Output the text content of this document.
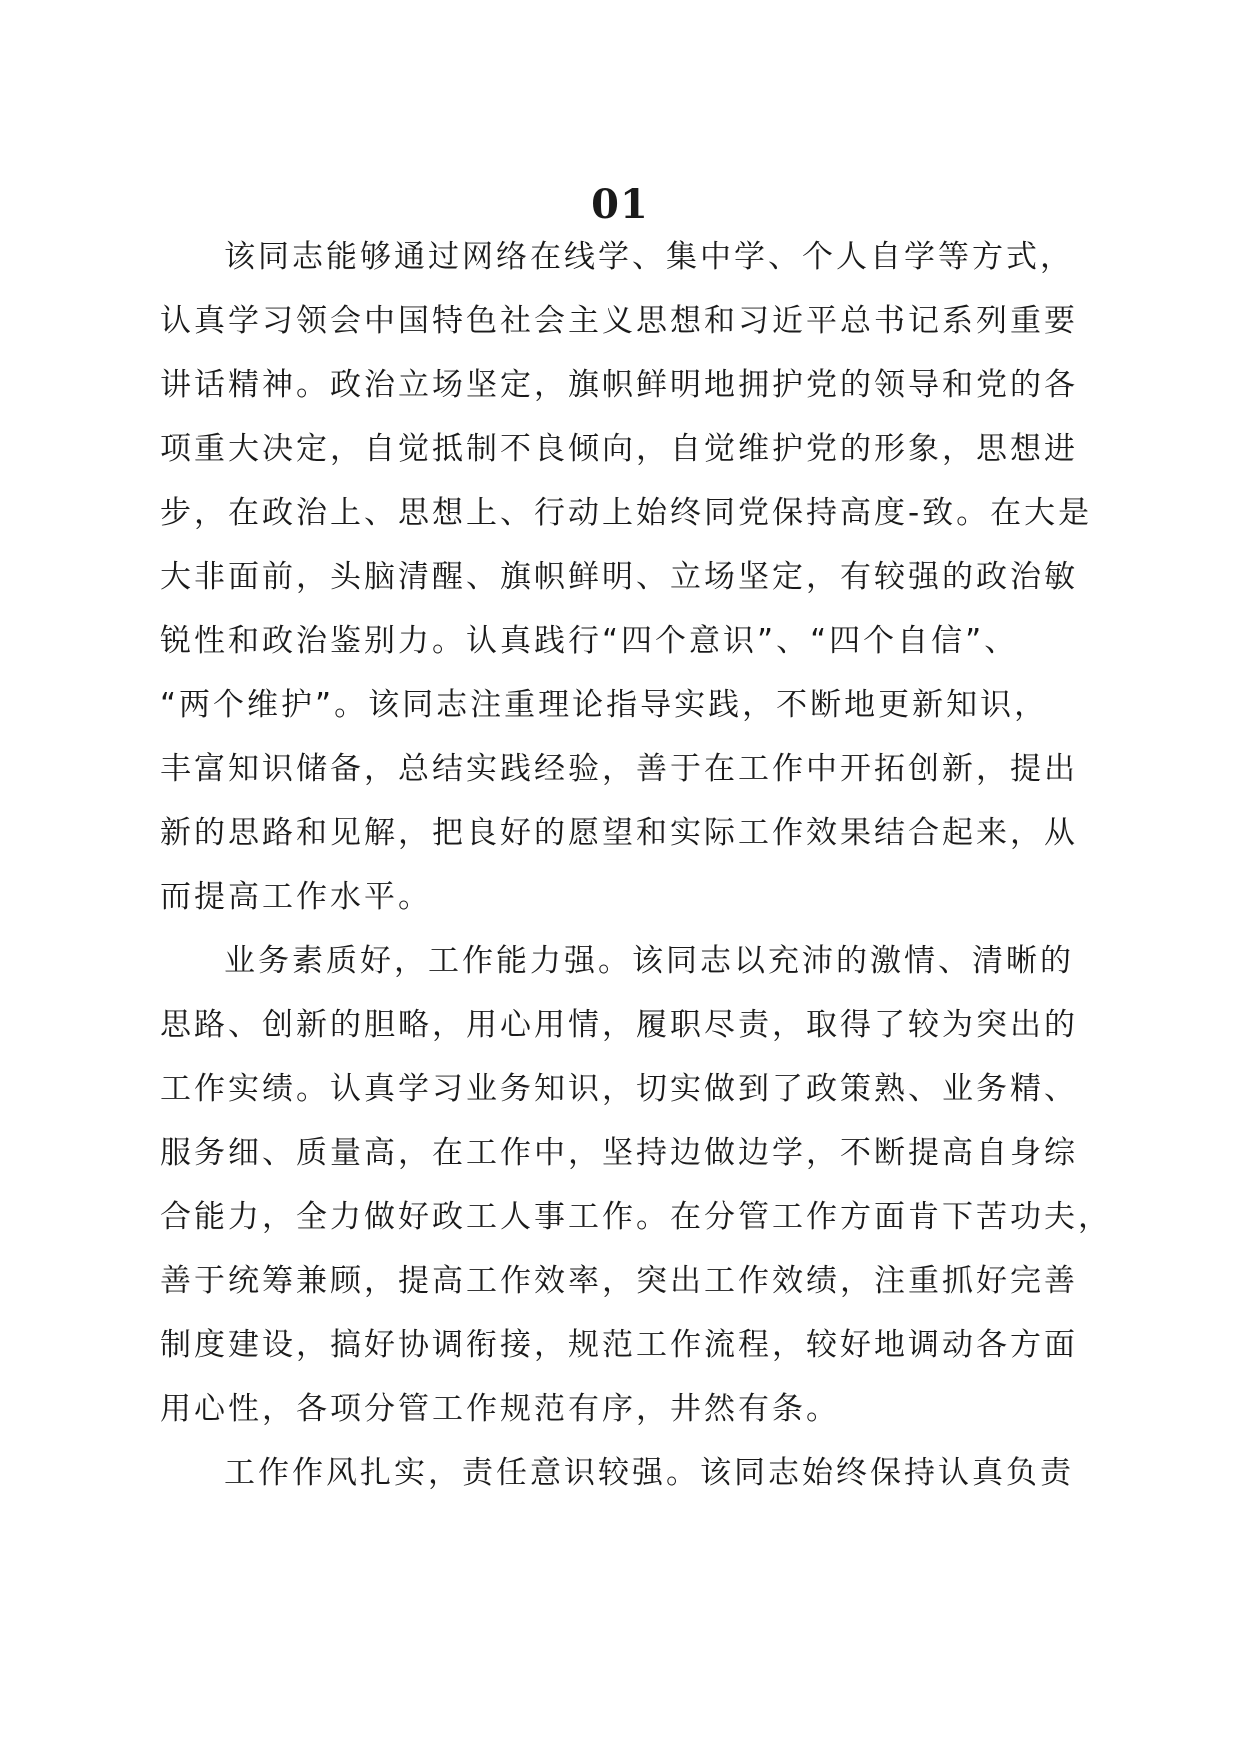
01
该同志能够通过网络在线学、集中学、个人自学等方式，
认真学习领会中国特色社会主义思想和习近平总书记系列重要
讲话精神。政治立场坚定，旗帜鲜明地拥护党的领导和党的各
项重大决定，自觉抵制不良倾向，自觉维护党的形象，思想进
步，在政治上、思想上、行动上始终同党保持高度-致。在大是
大非面前，头脑清醒、旗帜鲜明、立场坚定，有较强的政治敏
锐性和政治鉴别力。认真践行“四个意识”、“四个自信”、
“两个维护”。该同志注重理论指导实践，不断地更新知识，
丰富知识储备，总结实践经验，善于在工作中开拓创新，提出
新的思路和见解，把良好的愿望和实际工作效果结合起来，从
而提高工作水平。
业务素质好，工作能力强。该同志以充沛的激情、清晰的
思路、创新的胆略，用心用情，履职尽责，取得了较为突出的
工作实绩。认真学习业务知识，切实做到了政策熟、业务精、
服务细、质量高，在工作中，坚持边做边学，不断提高自身综
合能力，全力做好政工人事工作。在分管工作方面肯下苦功夫，
善于统筹兼顾，提高工作效率，突出工作效绩，注重抓好完善
制度建设，搞好协调衔接，规范工作流程，较好地调动各方面
用心性，各项分管工作规范有序，井然有条。
工作作风扎实，责任意识较强。该同志始终保持认真负责
